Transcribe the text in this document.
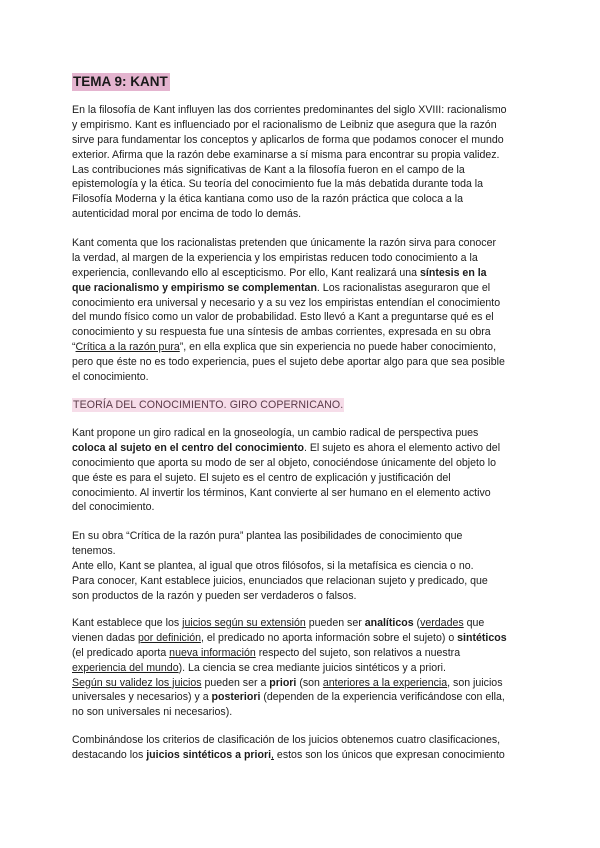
TEMA 9: KANT
En la filosofía de Kant influyen las dos corrientes predominantes del siglo XVIII: racionalismo
y empirismo. Kant es influenciado por el racionalismo de Leibniz que asegura que la razón
sirve para fundamentar los conceptos y aplicarlos de forma que podamos conocer el mundo
exterior. Afirma que la razón debe examinarse a sí misma para encontrar su propia validez.
Las contribuciones más significativas de Kant a la filosofía fueron en el campo de la
epistemología y la ética. Su teoría del conocimiento fue la más debatida durante toda la
Filosofía Moderna y la ética kantiana como uso de la razón práctica que coloca a la
autenticidad moral por encima de todo lo demás.
Kant comenta que los racionalistas pretenden que únicamente la razón sirva para conocer
la verdad, al margen de la experiencia y los empiristas reducen todo conocimiento a la
experiencia, conllevando ello al escepticismo. Por ello, Kant realizará una síntesis en la
que racionalismo y empirismo se complementan. Los racionalistas aseguraron que el
conocimiento era universal y necesario y a su vez los empiristas entendían el conocimiento
del mundo físico como un valor de probabilidad. Esto llevó a Kant a preguntarse qué es el
conocimiento y su respuesta fue una síntesis de ambas corrientes, expresada en su obra
“Crítica a la razón pura”, en ella explica que sin experiencia no puede haber conocimiento,
pero que éste no es todo experiencia, pues el sujeto debe aportar algo para que sea posible
el conocimiento.
TEORÍA DEL CONOCIMIENTO. GIRO COPERNICANO.
Kant propone un giro radical en la gnoseología, un cambio radical de perspectiva pues
coloca al sujeto en el centro del conocimiento. El sujeto es ahora el elemento activo del
conocimiento que aporta su modo de ser al objeto, conociéndose únicamente del objeto lo
que éste es para el sujeto. El sujeto es el centro de explicación y justificación del
conocimiento. Al invertir los términos, Kant convierte al ser humano en el elemento activo
del conocimiento.
En su obra “Crítica de la razón pura” plantea las posibilidades de conocimiento que
tenemos.
Ante ello, Kant se plantea, al igual que otros filósofos, si la metafísica es ciencia o no.
Para conocer, Kant establece juicios, enunciados que relacionan sujeto y predicado, que
son productos de la razón y pueden ser verdaderos o falsos.
Kant establece que los juicios según su extensión pueden ser analíticos (verdades que
vienen dadas por definición, el predicado no aporta información sobre el sujeto) o sintéticos
(el predicado aporta nueva información respecto del sujeto, son relativos a nuestra
experiencia del mundo). La ciencia se crea mediante juicios sintéticos y a priori.
Según su validez los juicios pueden ser a priori (son anteriores a la experiencia, son juicios
universales y necesarios) y a posteriori (dependen de la experiencia verificándose con ella,
no son universales ni necesarios).
Combinándose los criterios de clasificación de los juicios obtenemos cuatro clasificaciones,
destacando los juicios sintéticos a priori, estos son los únicos que expresan conocimiento
